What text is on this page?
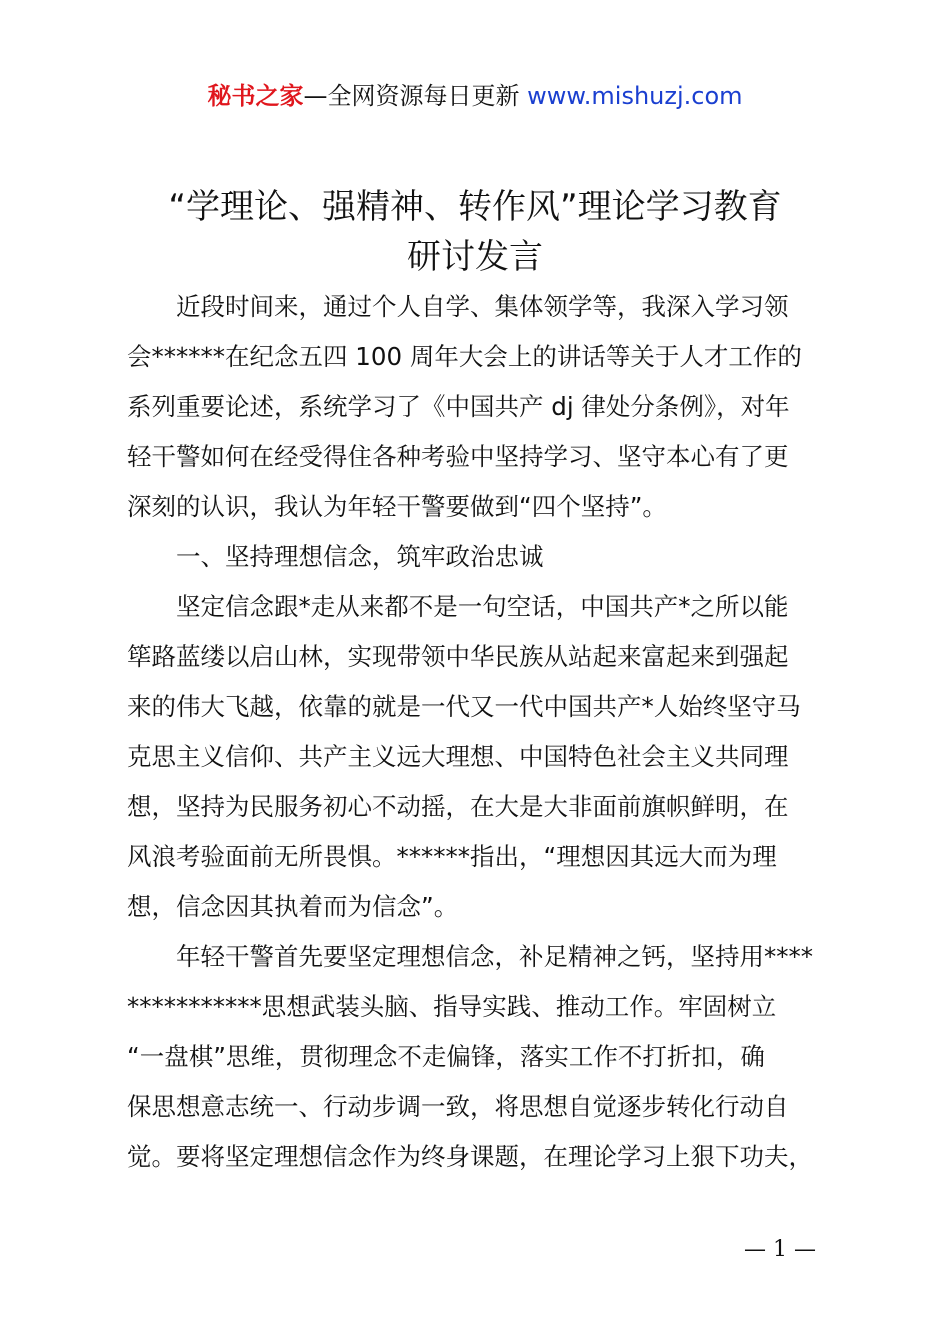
秘书之家—全网资源每日更新 www.mishuzj.com
“学理论、强精神、转作风”理论学习教育
研讨发言

近段时间来，通过个人自学、集体领学等，我深入学习领
会******在纪念五四 100 周年大会上的讲话等关于人才工作的
系列重要论述，系统学习了《中国共产 dj 律处分条例》，对年
轻干警如何在经受得住各种考验中坚持学习、坚守本心有了更
深刻的认识，我认为年轻干警要做到“四个坚持”。

一、坚持理想信念，筑牢政治忠诚

坚定信念跟*走从来都不是一句空话，中国共产*之所以能
筚路蓝缕以启山林，实现带领中华民族从站起来富起来到强起
来的伟大飞越，依靠的就是一代又一代中国共产*人始终坚守马
克思主义信仰、共产主义远大理想、中国特色社会主义共同理
想，坚持为民服务初心不动摇，在大是大非面前旗帜鲜明，在
风浪考验面前无所畏惧。******指出，“理想因其远大而为理
想，信念因其执着而为信念”。

年轻干警首先要坚定理想信念，补足精神之钙，坚持用****
***********思想武装头脑、指导实践、推动工作。牢固树立
“一盘棋”思维，贯彻理念不走偏锋，落实工作不打折扣，确
保思想意志统一、行动步调一致，将思想自觉逐步转化行动自
觉。要将坚定理想信念作为终身课题，在理论学习上狠下功夫，

— 1 —
